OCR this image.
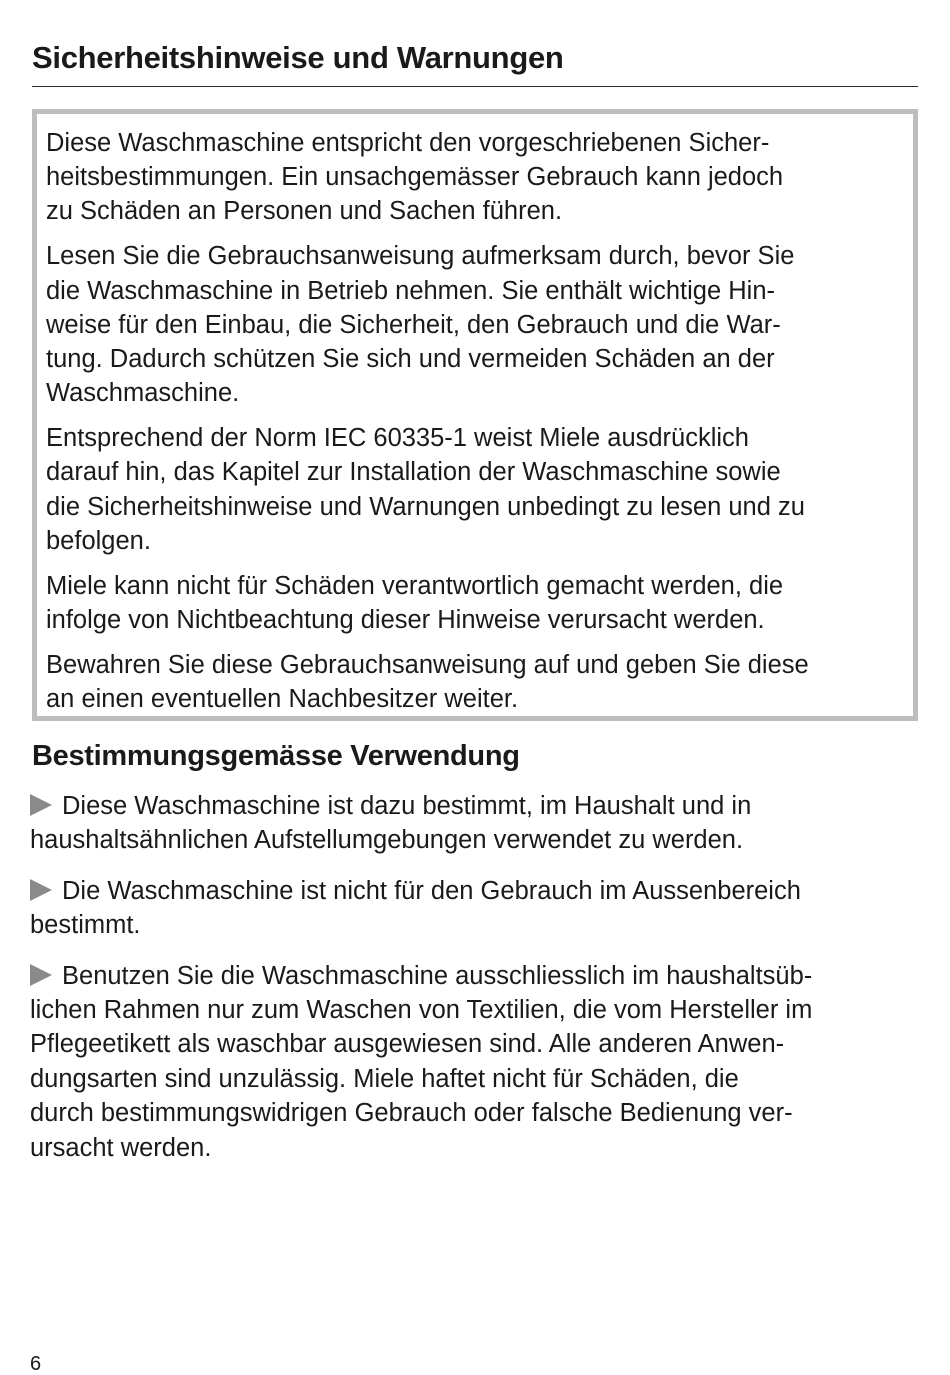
Sicherheitshinweise und Warnungen

Diese Waschmaschine entspricht den vorgeschriebenen Sicher-
heitsbestimmungen. Ein unsachgemässer Gebrauch kann jedoch
zu Schäden an Personen und Sachen führen.

Lesen Sie die Gebrauchsanweisung aufmerksam durch, bevor Sie
die Waschmaschine in Betrieb nehmen. Sie enthält wichtige Hin-
weise für den Einbau, die Sicherheit, den Gebrauch und die War-
tung. Dadurch schützen Sie sich und vermeiden Schäden an der
Waschmaschine.

Entsprechend der Norm IEC 60335-1 weist Miele ausdrücklich
darauf hin, das Kapitel zur Installation der Waschmaschine sowie
die Sicherheitshinweise und Warnungen unbedingt zu lesen und zu
befolgen.

Miele kann nicht für Schäden verantwortlich gemacht werden, die
infolge von Nichtbeachtung dieser Hinweise verursacht werden.

Bewahren Sie diese Gebrauchsanweisung auf und geben Sie diese
an einen eventuellen Nachbesitzer weiter.

Bestimmungsgemässe Verwendung
Diese Waschmaschine ist dazu bestimmt, im Haushalt und in
haushaltsähnlichen Aufstellumgebungen verwendet zu werden.
Die Waschmaschine ist nicht für den Gebrauch im Aussenbereich
bestimmt.
Benutzen Sie die Waschmaschine ausschliesslich im haushaltsüb-
lichen Rahmen nur zum Waschen von Textilien, die vom Hersteller im
Pflegeetikett als waschbar ausgewiesen sind. Alle anderen Anwen-
dungsarten sind unzulässig. Miele haftet nicht für Schäden, die
durch bestimmungswidrigen Gebrauch oder falsche Bedienung ver-
ursacht werden.
6
